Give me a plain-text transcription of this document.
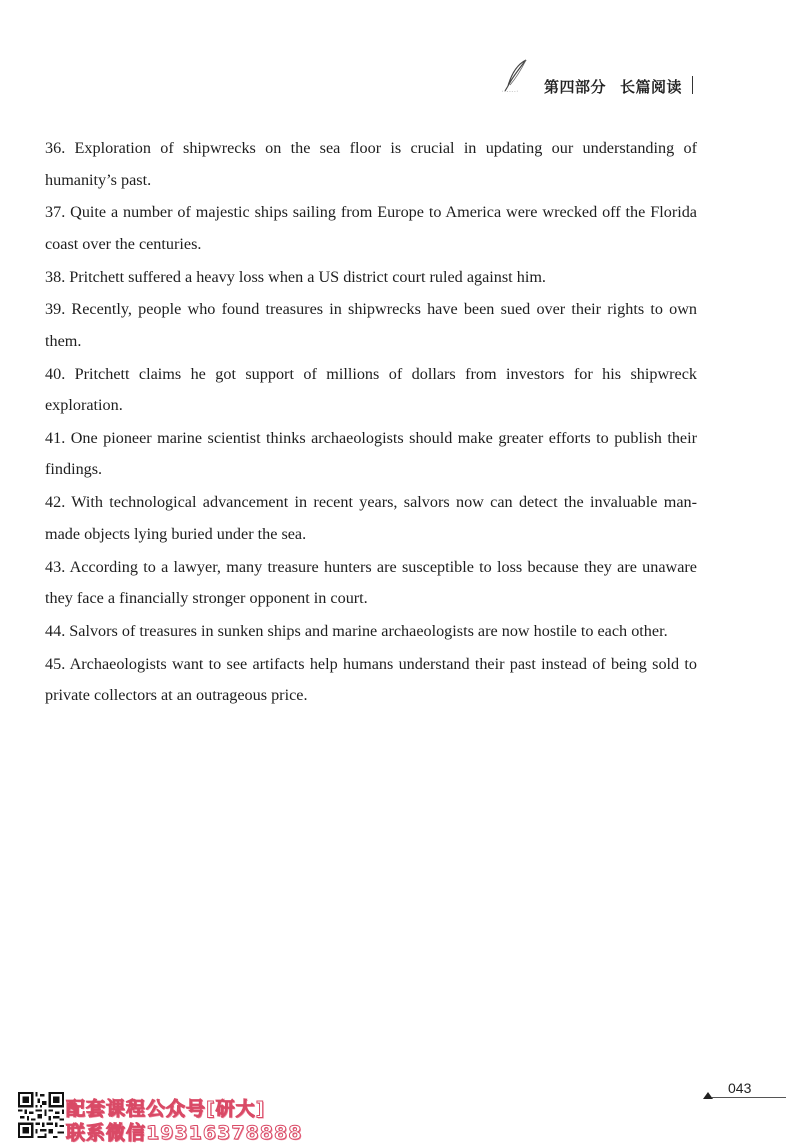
第四部分 长篇阅读
36. Exploration of shipwrecks on the sea floor is crucial in updating our understanding of humanity’s past.
37. Quite a number of majestic ships sailing from Europe to America were wrecked off the Florida coast over the centuries.
38. Pritchett suffered a heavy loss when a US district court ruled against him.
39. Recently, people who found treasures in shipwrecks have been sued over their rights to own them.
40. Pritchett claims he got support of millions of dollars from investors for his shipwreck exploration.
41. One pioneer marine scientist thinks archaeologists should make greater efforts to publish their findings.
42. With technological advancement in recent years, salvors now can detect the invaluable man-made objects lying buried under the sea.
43. According to a lawyer, many treasure hunters are susceptible to loss because they are unaware they face a financially stronger opponent in court.
44. Salvors of treasures in sunken ships and marine archaeologists are now hostile to each other.
45. Archaeologists want to see artifacts help humans understand their past instead of being sold to private collectors at an outrageous price.
配套课程公众号[研大]
联系微信19316378888
043
